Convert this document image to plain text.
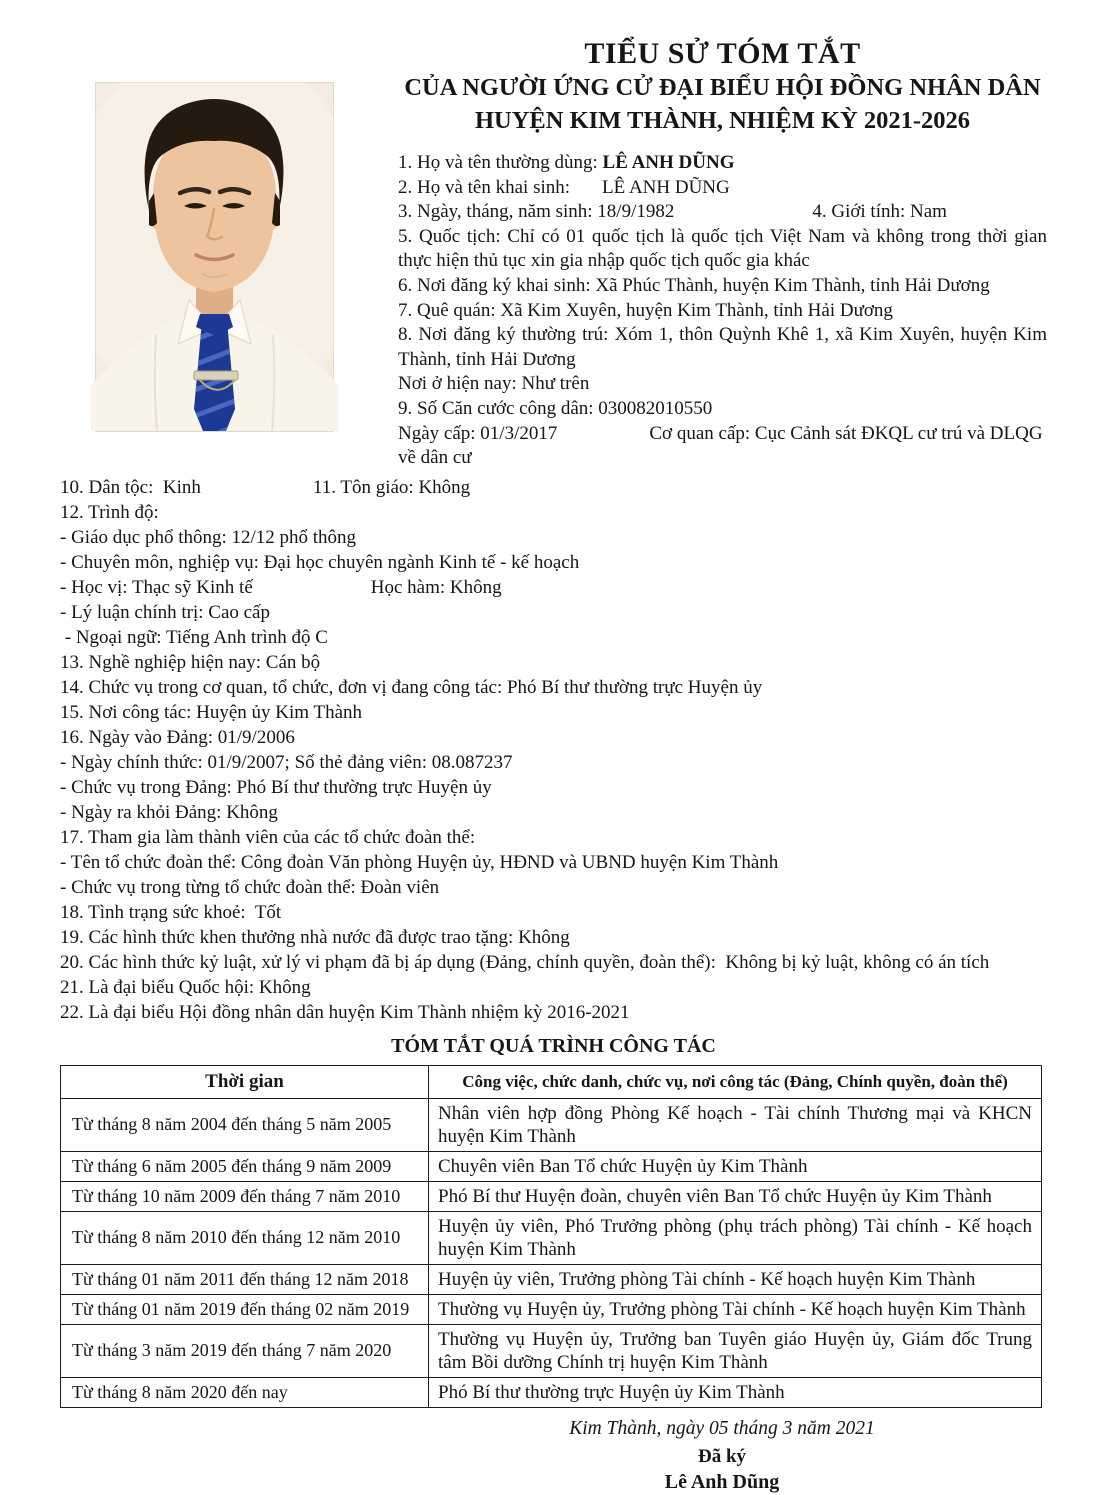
TIỂU SỬ TÓM TẮT
CỦA NGƯỜI ỨNG CỬ ĐẠI BIỂU HỘI ĐỒNG NHÂN DÂN
HUYỆN KIM THÀNH, NHIỆM KỲ 2021-2026
1. Họ và tên thường dùng: LÊ ANH DŨNG
2. Họ và tên khai sinh: LÊ ANH DŨNG
3. Ngày, tháng, năm sinh: 18/9/1982	4. Giới tính: Nam
5. Quốc tịch: Chỉ có 01 quốc tịch là quốc tịch Việt Nam và không trong thời gian thực hiện thủ tục xin gia nhập quốc tịch quốc gia khác
6. Nơi đăng ký khai sinh: Xã Phúc Thành, huyện Kim Thành, tỉnh Hải Dương
7. Quê quán: Xã Kim Xuyên, huyện Kim Thành, tỉnh Hải Dương
8. Nơi đăng ký thường trú: Xóm 1, thôn Quỳnh Khê 1, xã Kim Xuyên, huyện Kim Thành, tỉnh Hải Dương
Nơi ở hiện nay: Như trên
9. Số Căn cước công dân: 030082010550
Ngày cấp: 01/3/2017	Cơ quan cấp: Cục Cảnh sát ĐKQL cư trú và DLQG về dân cư
10. Dân tộc:  Kinh	11. Tôn giáo: Không
12. Trình độ:
- Giáo dục phổ thông: 12/12 phổ thông
- Chuyên môn, nghiệp vụ: Đại học chuyên ngành Kinh tế - kế hoạch
- Học vị: Thạc sỹ Kinh tế	Học hàm: Không
- Lý luận chính trị: Cao cấp
- Ngoại ngữ: Tiếng Anh trình độ C
13. Nghề nghiệp hiện nay: Cán bộ
14. Chức vụ trong cơ quan, tổ chức, đơn vị đang công tác: Phó Bí thư thường trực Huyện ủy
15. Nơi công tác: Huyện ủy Kim Thành
16. Ngày vào Đảng: 01/9/2006
- Ngày chính thức: 01/9/2007; Số thẻ đảng viên: 08.087237
- Chức vụ trong Đảng: Phó Bí thư thường trực Huyện ủy
- Ngày ra khỏi Đảng: Không
17. Tham gia làm thành viên của các tổ chức đoàn thể:
- Tên tổ chức đoàn thể: Công đoàn Văn phòng Huyện ủy, HĐND và UBND huyện Kim Thành
- Chức vụ trong từng tổ chức đoàn thể: Đoàn viên
18. Tình trạng sức khoẻ:  Tốt
19. Các hình thức khen thưởng nhà nước đã được trao tặng: Không
20. Các hình thức kỷ luật, xử lý vi phạm đã bị áp dụng (Đảng, chính quyền, đoàn thể):  Không bị kỷ luật, không có án tích
21. Là đại biểu Quốc hội: Không
22. Là đại biểu Hội đồng nhân dân huyện Kim Thành nhiệm kỳ 2016-2021
TÓM TẮT QUÁ TRÌNH CÔNG TÁC
Thời gian	Công việc, chức danh, chức vụ, nơi công tác (Đảng, Chính quyền, đoàn thể)
Từ tháng 8 năm 2004 đến tháng 5 năm 2005	Nhân viên hợp đồng Phòng Kế hoạch - Tài chính Thương mại và KHCN huyện Kim Thành
Từ tháng 6 năm 2005 đến tháng 9 năm 2009	Chuyên viên Ban Tổ chức Huyện ủy Kim Thành
Từ tháng 10 năm 2009 đến tháng 7 năm 2010	Phó Bí thư Huyện đoàn, chuyên viên Ban Tổ chức Huyện ủy Kim Thành
Từ tháng 8 năm 2010 đến tháng 12 năm 2010	Huyện ủy viên, Phó Trưởng phòng (phụ trách phòng) Tài chính - Kế hoạch huyện Kim Thành
Từ tháng 01 năm 2011 đến tháng 12 năm 2018	Huyện ủy viên, Trưởng phòng Tài chính - Kế hoạch huyện Kim Thành
Từ tháng 01 năm 2019 đến tháng 02 năm 2019	Thường vụ Huyện ủy, Trưởng phòng Tài chính - Kế hoạch huyện Kim Thành
Từ tháng 3 năm 2019 đến tháng 7 năm 2020	Thường vụ Huyện ủy, Trưởng ban Tuyên giáo Huyện ủy, Giám đốc Trung tâm Bồi dưỡng Chính trị huyện Kim Thành
Từ tháng 8 năm 2020 đến nay	Phó Bí thư thường trực Huyện ủy Kim Thành
Kim Thành, ngày 05 tháng 3 năm 2021
Đã ký
Lê Anh Dũng
